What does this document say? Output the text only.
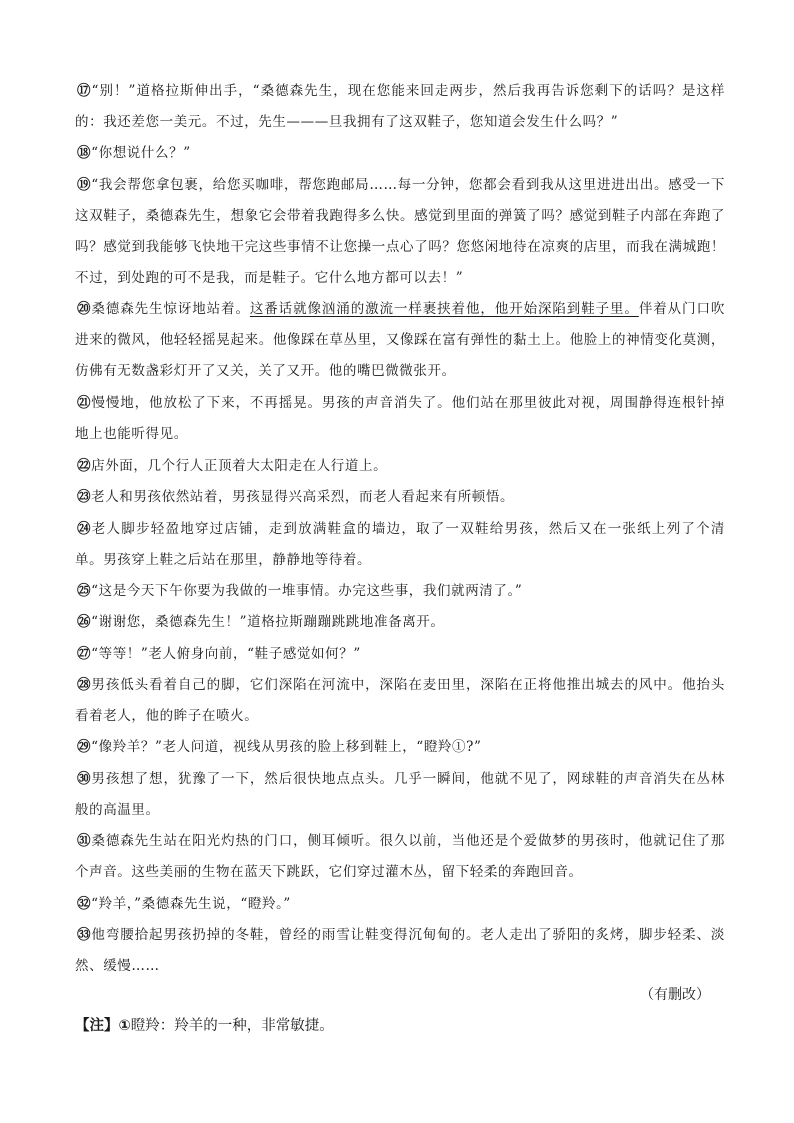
⑰“别！”道格拉斯伸出手，“桑德森先生，现在您能来回走两步，然后我再告诉您剩下的话吗？是这样的：我还差您一美元。不过，先生———旦我拥有了这双鞋子，您知道会发生什么吗？”
⑱“你想说什么？”
⑲“我会帮您拿包裹，给您买咖啡，帮您跑邮局……每一分钟，您都会看到我从这里进进出出。感受一下这双鞋子，桑德森先生，想象它会带着我跑得多么快。感觉到里面的弹簧了吗？感觉到鞋子内部在奔跑了吗？感觉到我能够飞快地干完这些事情不让您操一点心了吗？您悠闲地待在凉爽的店里，而我在满城跑！不过，到处跑的可不是我，而是鞋子。它什么地方都可以去！”
⑳桑德森先生惊讶地站着。这番话就像汹涌的激流一样裹挟着他，他开始深陷到鞋子里。伴着从门口吹进来的微风，他轻轻摇晃起来。他像踩在草丛里，又像踩在富有弹性的黏土上。他脸上的神情变化莫测，仿佛有无数盏彩灯开了又关，关了又开。他的嘴巴微微张开。
㉑慢慢地，他放松了下来，不再摇晃。男孩的声音消失了。他们站在那里彼此对视，周围静得连根针掉地上也能听得见。
㉒店外面，几个行人正顶着大太阳走在人行道上。
㉓老人和男孩依然站着，男孩显得兴高采烈，而老人看起来有所顿悟。
㉔老人脚步轻盈地穿过店铺，走到放满鞋盒的墙边，取了一双鞋给男孩，然后又在一张纸上列了个清单。男孩穿上鞋之后站在那里，静静地等待着。
㉕“这是今天下午你要为我做的一堆事情。办完这些事，我们就两清了。”
㉖“谢谢您，桑德森先生！”道格拉斯蹦蹦跳跳地准备离开。
㉗“等等！”老人俯身向前，“鞋子感觉如何？”
㉘男孩低头看着自己的脚，它们深陷在河流中，深陷在麦田里，深陷在正将他推出城去的风中。他抬头看着老人，他的眸子在喷火。
㉙“像羚羊？”老人问道，视线从男孩的脸上移到鞋上，“瞪羚①?”
㉚男孩想了想，犹豫了一下，然后很快地点点头。几乎一瞬间，他就不见了，网球鞋的声音消失在丛林般的高温里。
㉛桑德森先生站在阳光灼热的门口，侧耳倾听。很久以前，当他还是个爱做梦的男孩时，他就记住了那个声音。这些美丽的生物在蓝天下跳跃，它们穿过灌木丛，留下轻柔的奔跑回音。
㉜“羚羊，”桑德森先生说，“瞪羚。”
㉝他弯腰拾起男孩扔掉的冬鞋，曾经的雨雪让鞋变得沉甸甸的。老人走出了骄阳的炙烤，脚步轻柔、淡然、缓慢……
（有删改）
【注】①瞪羚：羚羊的一种，非常敏捷。
